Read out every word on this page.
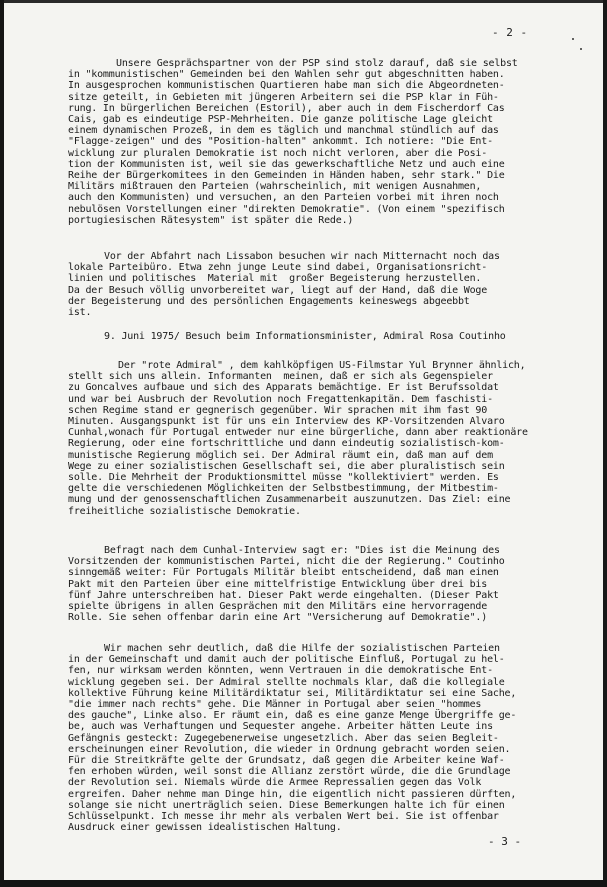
- 2 -
Unsere Gesprächspartner von der PSP sind stolz darauf, daß sie selbst
in "kommunistischen" Gemeinden bei den Wahlen sehr gut abgeschnitten haben.
In ausgesprochen kommunistischen Quartieren habe man sich die Abgeordneten-
sitze geteilt, in Gebieten mit jüngeren Arbeitern sei die PSP klar in Füh-
rung. In bürgerlichen Bereichen (Estoril), aber auch in dem Fischerdorf Cas
Cais, gab es eindeutige PSP-Mehrheiten. Die ganze politische Lage gleicht
einem dynamischen Prozeß, in dem es täglich und manchmal stündlich auf das
"Flagge-zeigen" und des "Position-halten" ankommt. Ich notiere: "Die Ent-
wicklung zur pluralen Demokratie ist noch nicht verloren, aber die Posi-
tion der Kommunisten ist, weil sie das gewerkschaftliche Netz und auch eine
Reihe der Bürgerkomitees in den Gemeinden in Händen haben, sehr stark." Die
Militärs mißtrauen den Parteien (wahrscheinlich, mit wenigen Ausnahmen,
auch den Kommunisten) und versuchen, an den Parteien vorbei mit ihren noch
nebulösen Vorstellungen einer "direkten Demokratie". (Von einem "spezifisch
portugiesischen Rätesystem" ist später die Rede.)
Vor der Abfahrt nach Lissabon besuchen wir nach Mitternacht noch das
lokale Parteibüro. Etwa zehn junge Leute sind dabei, Organisationsricht-
linien und politisches  Material mit  großer Begeisterung herzustellen.
Da der Besuch völlig unvorbereitet war, liegt auf der Hand, daß die Woge
der Begeisterung und des persönlichen Engagements keineswegs abgeebbt
ist.
9. Juni 1975/ Besuch beim Informationsminister, Admiral Rosa Coutinho
Der "rote Admiral" , dem kahlköpfigen US-Filmstar Yul Brynner ähnlich,
stellt sich uns allein. Informanten  meinen, daß er sich als Gegenspieler
zu Goncalves aufbaue und sich des Apparats bemächtige. Er ist Berufssoldat
und war bei Ausbruch der Revolution noch Fregattenkapitän. Dem faschisti-
schen Regime stand er gegnerisch gegenüber. Wir sprachen mit ihm fast 90
Minuten. Ausgangspunkt ist für uns ein Interview des KP-Vorsitzenden Alvaro
Cunhal,wonach für Portugal entweder nur eine bürgerliche, dann aber reaktionäre
Regierung, oder eine fortschrittliche und dann eindeutig sozialistisch-kom-
munistische Regierung möglich sei. Der Admiral räumt ein, daß man auf dem
Wege zu einer sozialistischen Gesellschaft sei, die aber pluralistisch sein
solle. Die Mehrheit der Produktionsmittel müsse "kollektiviert" werden. Es
gelte die verschiedenen Möglichkeiten der Selbstbestimmung, der Mitbestim-
mung und der genossenschaftlichen Zusammenarbeit auszunutzen. Das Ziel: eine
freiheitliche sozialistische Demokratie.
Befragt nach dem Cunhal-Interview sagt er: "Dies ist die Meinung des
Vorsitzenden der kommunistischen Partei, nicht die der Regierung." Coutinho
sinngemäß weiter: Für Portugals Militär bleibt entscheidend, daß man einen
Pakt mit den Parteien über eine mittelfristige Entwicklung über drei bis
fünf Jahre unterschreiben hat. Dieser Pakt werde eingehalten. (Dieser Pakt
spielte übrigens in allen Gesprächen mit den Militärs eine hervorragende
Rolle. Sie sehen offenbar darin eine Art "Versicherung auf Demokratie".)
Wir machen sehr deutlich, daß die Hilfe der sozialistischen Parteien
in der Gemeinschaft und damit auch der politische Einfluß, Portugal zu hel-
fen, nur wirksam werden könnten, wenn Vertrauen in die demokratische Ent-
wicklung gegeben sei. Der Admiral stellte nochmals klar, daß die kollegiale
kollektive Führung keine Militärdiktatur sei, Militärdiktatur sei eine Sache,
"die immer nach rechts" gehe. Die Männer in Portugal aber seien "hommes
des gauche", Linke also. Er räumt ein, daß es eine ganze Menge Übergriffe ge-
be, auch was Verhaftungen und Sequester angehe. Arbeiter hätten Leute ins
Gefängnis gesteckt: Zugegebenerweise ungesetzlich. Aber das seien Begleit-
erscheinungen einer Revolution, die wieder in Ordnung gebracht worden seien.
Für die Streitkräfte gelte der Grundsatz, daß gegen die Arbeiter keine Waf-
fen erhoben würden, weil sonst die Allianz zerstört würde, die die Grundlage
der Revolution sei. Niemals würde die Armee Repressalien gegen das Volk
ergreifen. Daher nehme man Dinge hin, die eigentlich nicht passieren dürften,
solange sie nicht unerträglich seien. Diese Bemerkungen halte ich für einen
Schlüsselpunkt. Ich messe ihr mehr als verbalen Wert bei. Sie ist offenbar
Ausdruck einer gewissen idealistischen Haltung.
- 3 -
